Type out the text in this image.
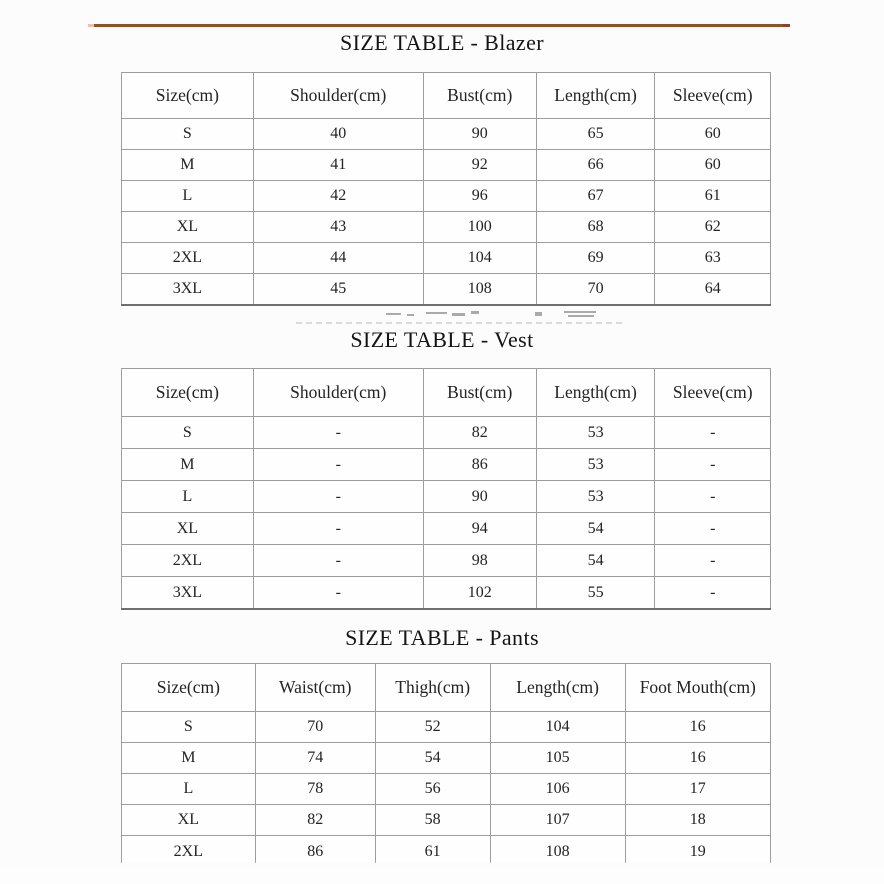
SIZE TABLE - Blazer
Size(cm)	Shoulder(cm)	Bust(cm)	Length(cm)	Sleeve(cm)
S	40	90	65	60
M	41	92	66	60
L	42	96	67	61
XL	43	100	68	62
2XL	44	104	69	63
3XL	45	108	70	64
SIZE TABLE - Vest
Size(cm)	Shoulder(cm)	Bust(cm)	Length(cm)	Sleeve(cm)
S	-	82	53	-
M	-	86	53	-
L	-	90	53	-
XL	-	94	54	-
2XL	-	98	54	-
3XL	-	102	55	-
SIZE TABLE - Pants
Size(cm)	Waist(cm)	Thigh(cm)	Length(cm)	Foot Mouth(cm)
S	70	52	104	16
M	74	54	105	16
L	78	56	106	17
XL	82	58	107	18
2XL	86	61	108	19
